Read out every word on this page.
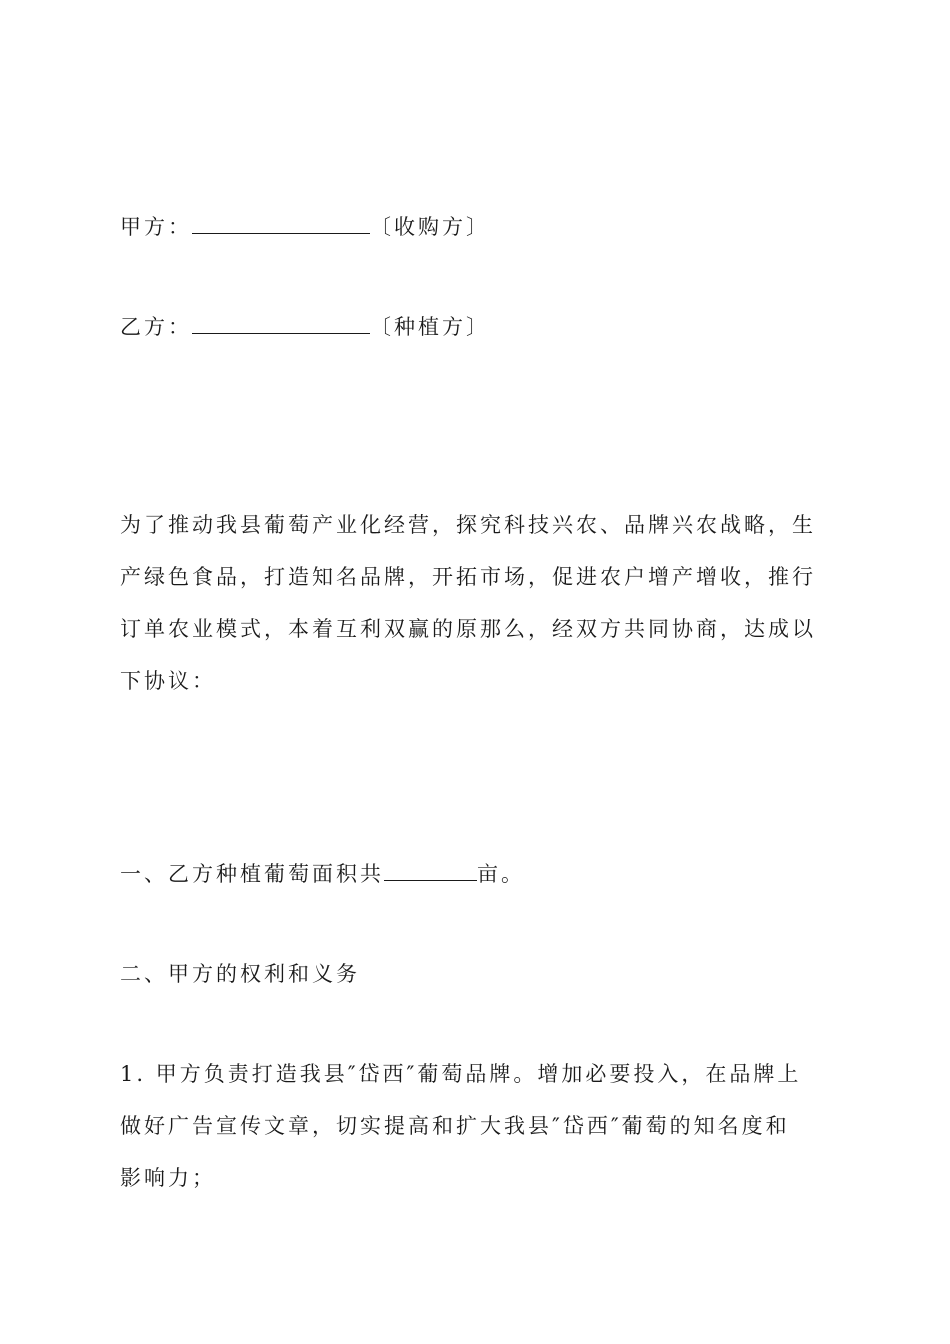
甲方：	〔收购方〕
乙方：	〔种植方〕
为了推动我县葡萄产业化经营，探究科技兴农、品牌兴农战略，生
产绿色食品，打造知名品牌，开拓市场，促进农户增产增收，推行
订单农业模式，本着互利双赢的原那么，经双方共同协商，达成以
下协议：
一、乙方种植葡萄面积共	亩。
二、甲方的权利和义务
1. 甲方负责打造我县″岱西″葡萄品牌。增加必要投入，在品牌上
做好广告宣传文章，切实提高和扩大我县″岱西″葡萄的知名度和
影响力；
